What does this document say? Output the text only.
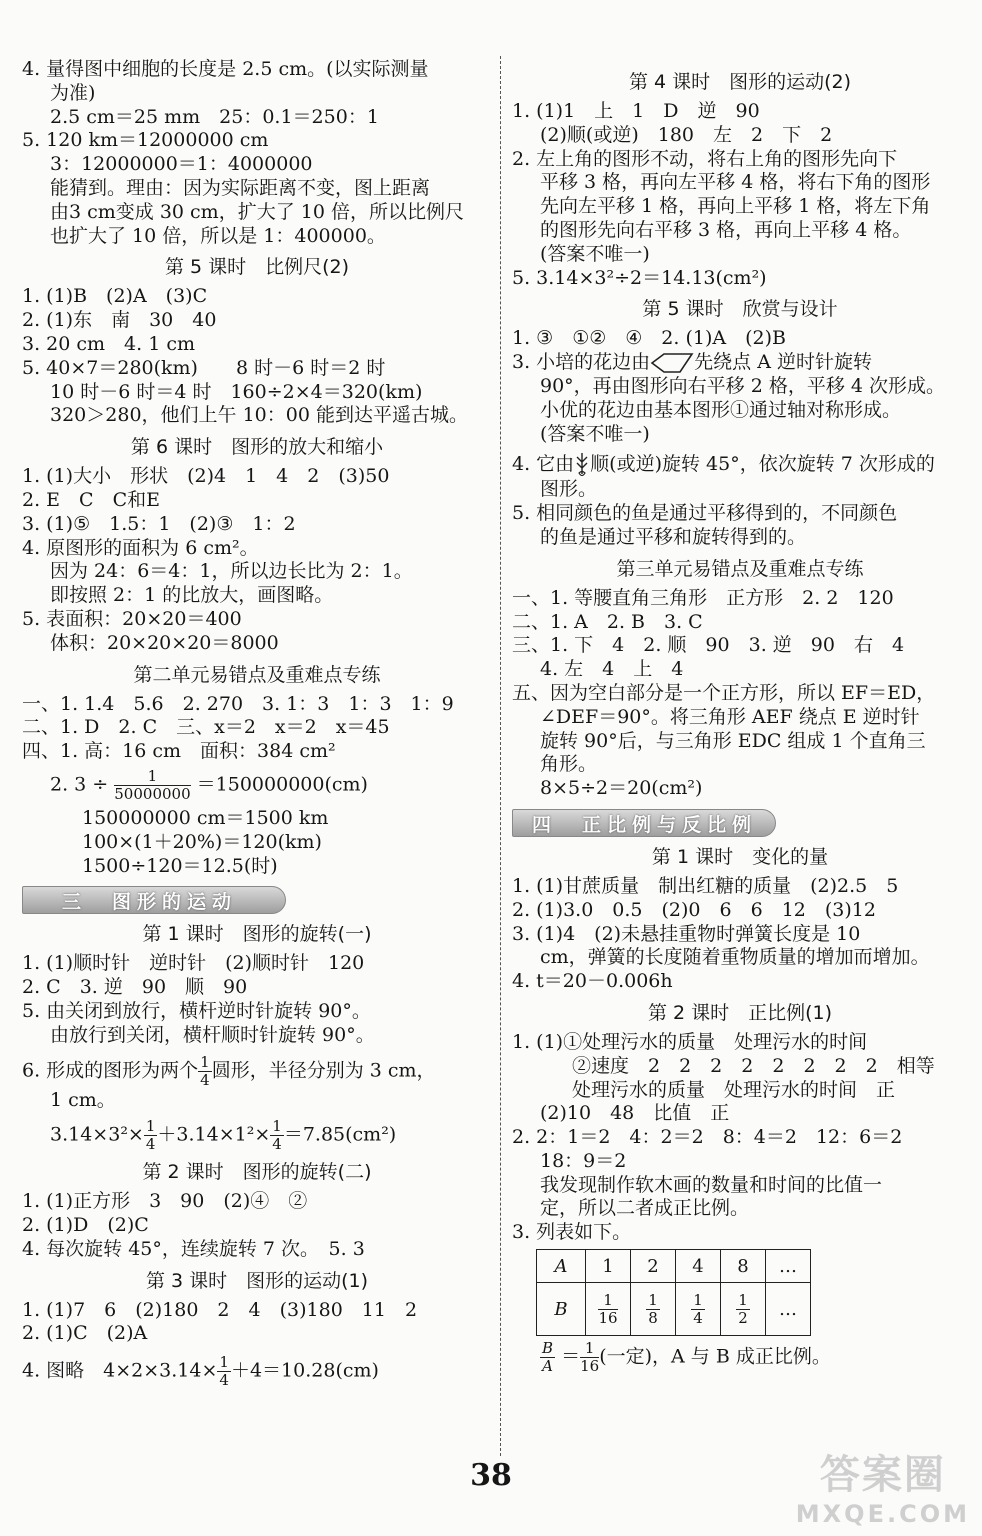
4. 量得图中细胞的长度是 2.5 cm。(以实际测量
为准)
2.5 cm＝25 mm　25：0.1＝250：1
5. 120 km＝12000000 cm
3：12000000＝1：4000000
能猜到。理由：因为实际距离不变，图上距离
由3 cm变成 30 cm，扩大了 10 倍，所以比例尺
也扩大了 10 倍，所以是 1：400000。
第 5 课时　比例尺(2)
1. (1)B　(2)A　(3)C
2. (1)东　南　30　40
3. 20 cm　4. 1 cm
5. 40×7＝280(km)　　8 时－6 时＝2 时
10 时－6 时＝4 时　160÷2×4＝320(km)
320＞280，他们上午 10：00 能到达平遥古城。
第 6 课时　图形的放大和缩小
1. (1)大小　形状　(2)4　1　4　2　(3)50
2. E　C　C和E
3. (1)⑤　1.5：1　(2)③　1：2
4. 原图形的面积为 6 cm²。
因为 24：6＝4：1，所以边长比为 2：1。
即按照 2：1 的比放大，画图略。
5. 表面积：20×20＝400
体积：20×20×20＝8000
第二单元易错点及重难点专练
一、1. 1.4　5.6　2. 270　3. 1：3　1：3　1：9
二、1. D　2. C　三、x＝2　x＝2　x＝45
四、1. 高：16 cm　面积：384 cm²
2. $3 \div \frac{1}{50000000} =150000000(cm)$
150000000 cm＝1500 km
100×(1＋20%)＝120(km)
1500÷120＝12.5(时)
三　图形的运动
第 1 课时　图形的旋转(一)
1. (1)顺时针　逆时针　(2)顺时针　120
2. C　3. 逆　90　顺　90
5. 由关闭到放行，横杆逆时针旋转 90°。
由放行到关闭，横杆顺时针旋转 90°。
6. 形成的图形为两个 $\frac{1}{4}$ 圆形，半径分别为 3 cm，
1 cm。
$3.14\times 3^2\times \frac{1}{4} +3.14\times 1^2\times \frac{1}{4} =7.85(cm^2)$
第 2 课时　图形的旋转(二)
1. (1)正方形　3　90　(2)④　②
2. (1)D　(2)C
4. 每次旋转 45°，连续旋转 7 次。　5. 3
第 3 课时　图形的运动(1)
1. (1)7　6　(2)180　2　4　(3)180　11　2
2. (1)C　(2)A
4. 图略　$4\times 2\times 3.14\times \frac{1}{4} +4=10.28(cm)$
第 4 课时　图形的运动(2)
1. (1)1　上　1　D　逆　90
(2)顺(或逆)　180　左　2　下　2
2. 左上角的图形不动，将右上角的图形先向下
平移 3 格，再向左平移 4 格，将右下角的图形
先向左平移 1 格，再向上平移 1 格，将左下角
的图形先向右平移 3 格，再向上平移 4 格。
(答案不唯一)
5. 3.14×3²÷2＝14.13(cm²)
第 5 课时　欣赏与设计
1. ③　①②　④　2. (1)A　(2)B
3. 小培的花边由 先绕点 A 逆时针旋转
90°，再由图形向右平移 2 格，平移 4 次形成。
小优的花边由基本图形①通过轴对称形成。
(答案不唯一)
4. 它由 顺(或逆)旋转 45°，依次旋转 7 次形成的
图形。
5. 相同颜色的鱼是通过平移得到的，不同颜色
的鱼是通过平移和旋转得到的。
第三单元易错点及重难点专练
一、1. 等腰直角三角形　正方形　2. 2　120
二、1. A　2. B　3. C
三、1. 下　4　2. 顺　90　3. 逆　90　右　4
4. 左　4　上　4
五、因为空白部分是一个正方形，所以 EF＝ED，
∠DEF＝90°。将三角形 AEF 绕点 E 逆时针
旋转 90°后，与三角形 EDC 组成 1 个直角三
角形。
8×5÷2＝20(cm²)
四　正比例与反比例
第 1 课时　变化的量
1. (1)甘蔗质量　制出红糖的质量　(2)2.5　5
2. (1)3.0　0.5　(2)0　6　6　12　(3)12
3. (1)4　(2)未悬挂重物时弹簧长度是 10
cm，弹簧的长度随着重物质量的增加而增加。
4. t＝20－0.006h
第 2 课时　正比例(1)
1. (1)①处理污水的质量　处理污水的时间
②速度　2　2　2　2　2　2　2　2　相等
处理污水的质量　处理污水的时间　正
(2)10　48　比值　正
2. 2：1＝2　4：2＝2　8：4＝2　12：6＝2
18：9＝2
我发现制作软木画的数量和时间的比值一
定，所以二者成正比例。
3. 列表如下。
A	1	2	4	8	…
B	$\frac{1}{16}$	$\frac{1}{8}$	$\frac{1}{4}$	$\frac{1}{2}$	…
$\frac{B}{A} = \frac{1}{16}$ (一定)，A 与 B 成正比例。
38	答案圈
MXQE.COM
